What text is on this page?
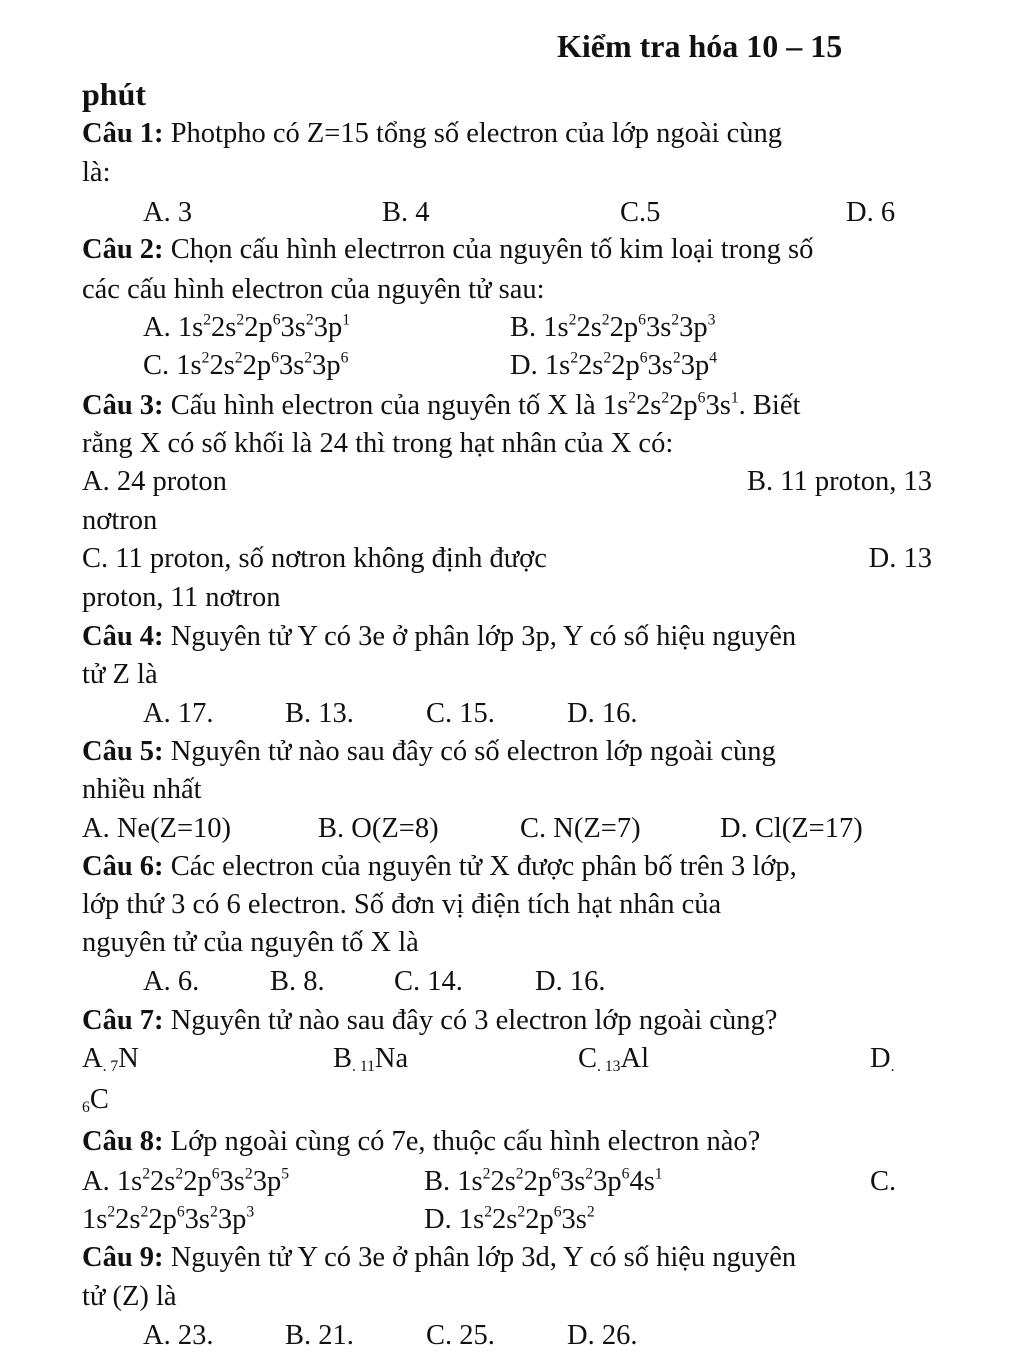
Kiểm tra hóa 10 – 15
phút
Câu 1: Photpho có Z=15 tổng số electron của lớp ngoài cùng
là:
A. 3	B. 4	C.5	D. 6
Câu 2: Chọn cấu hình electrron của nguyên tố kim loại trong số
các cấu hình electron của nguyên tử sau:
A. $1s^22s^22p^63s^23p^1$	B. $1s^22s^22p^63s^23p^3$
C. $1s^22s^22p^63s^23p^6$	D. $1s^22s^22p^63s^23p^4$
Câu 3: Cấu hình electron của nguyên tố X là $1s^22s^22p^63s^1$. Biết
rằng X có số khối là 24 thì trong hạt nhân của X có:
A. 24 proton	B. 11 proton, 13
nơtron
C. 11 proton, số nơtron không định được	D. 13
proton, 11 nơtron
Câu 4: Nguyên tử Y có 3e ở phân lớp 3p, Y có số hiệu nguyên
tử Z là
A. 17.	B. 13.	C. 15.	D. 16.
Câu 5: Nguyên tử nào sau đây có số electron lớp ngoài cùng
nhiều nhất
A. Ne(Z=10)	B. O(Z=8)	C. N(Z=7)	D. Cl(Z=17)
Câu 6: Các electron của nguyên tử X được phân bố trên 3 lớp,
lớp thứ 3 có 6 electron. Số đơn vị điện tích hạt nhân của
nguyên tử của nguyên tố X là
A. 6. B. 8. C. 14.	D. 16.
Câu 7: Nguyên tử nào sau đây có 3 electron lớp ngoài cùng?
$A_{. 7}N$	$B_{. 11}Na$	$C_{. 13}Al$	$D_.$
$_6$C
Câu 8: Lớp ngoài cùng có 7e, thuộc cấu hình electron nào?
A. $1s^22s^22p^63s^23p^5$	B. $1s^22s^22p^63s^23p^64s^1$	C.
$1s^22s^22p^63s^23p^3$	D. $1s^22s^22p^63s^2$
Câu 9: Nguyên tử Y có 3e ở phân lớp 3d, Y có số hiệu nguyên
tử (Z) là
A. 23.	B. 21.	C. 25.	D. 26.
